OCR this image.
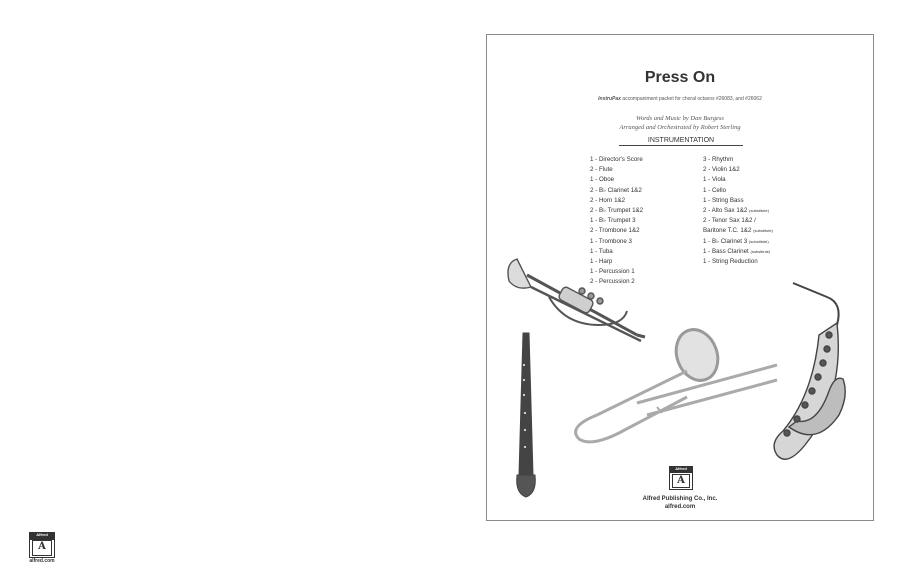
Press On
InstruPax accompaniment packet for choral octavos #26083, and #26062
Words and Music by Dan Burgess
Arranged and Orchestrated by Robert Sterling
INSTRUMENTATION
1 - Director's Score
2 - Flute
1 - Oboe
2 - B♭ Clarinet 1&2
2 - Horn 1&2
2 - B♭ Trumpet 1&2
1 - B♭ Trumpet 3
2 - Trombone 1&2
1 - Trombone 3
1 - Tuba
1 - Harp
1 - Percussion 1
2 - Percussion 2
3 - Rhythm
2 - Violin 1&2
1 - Viola
1 - Cello
1 - String Bass
2 - Alto Sax 1&2 (substitute)
2 - Tenor Sax 1&2 /
Baritone T.C. 1&2 (substitute)
1 - B♭ Clarinet 3 (substitute)
1 - Bass Clarinet (substitute)
1 - String Reduction
Alfred
A
Alfred Publishing Co., Inc.
alfred.com
Alfred
A
alfred.com
